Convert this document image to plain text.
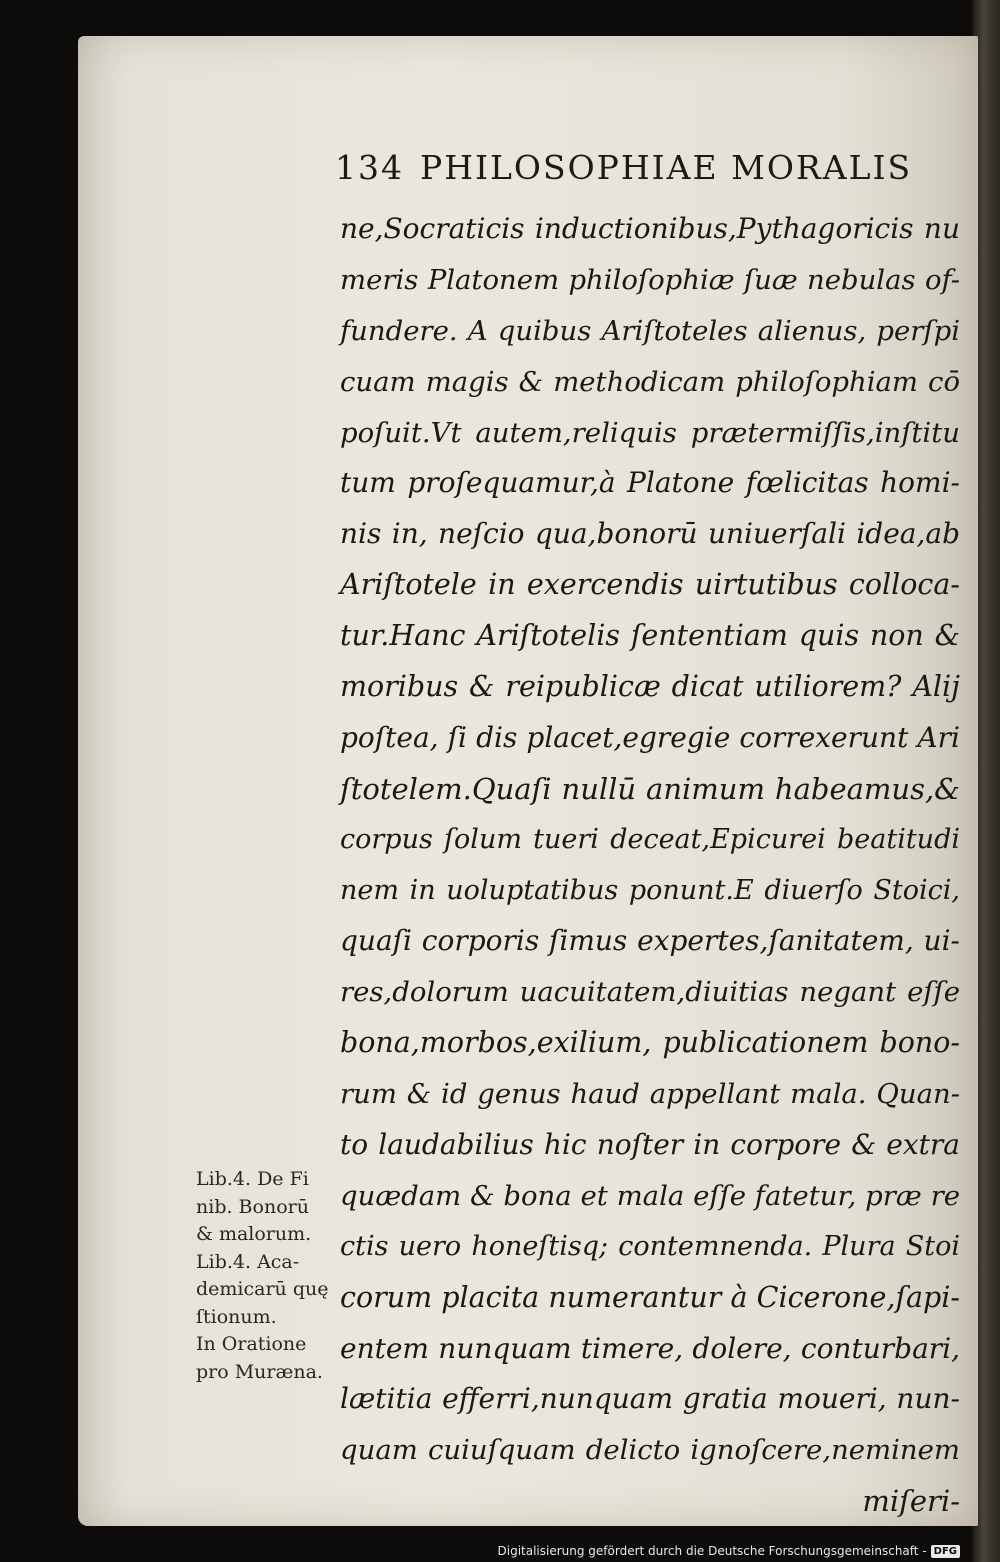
134 PHILOSOPHIAE MORALIS
ne,Socraticis inductionibus,Pythagoricis nu
meris Platonem philoſophiæ ſuæ nebulas of-
fundere. A quibus Ariſtoteles alienus, perſpi
cuam magis & methodicam philoſophiam cō
poſuit.Vt autem,reliquis prætermiſſis,inſtitu
tum proſequamur,à Platone fœlicitas homi-
nis in, neſcio qua,bonorū uniuerſali idea,ab
Ariſtotele in exercendis uirtutibus colloca-
tur.Hanc Ariſtotelis ſententiam quis non &
moribus & reipublicæ dicat utiliorem? Alij
poſtea, ſi dis placet,egregie correxerunt Ari
ſtotelem.Quaſi nullū animum habeamus,&
corpus ſolum tueri deceat,Epicurei beatitudi
nem in uoluptatibus ponunt.E diuerſo Stoici,
quaſi corporis ſimus expertes,ſanitatem, ui-
res,dolorum uacuitatem,diuitias negant eſſe
bona,morbos,exilium, publicationem bono-
rum & id genus haud appellant mala. Quan-
to laudabilius hic noſter in corpore & extra
quædam & bona et mala eſſe fatetur, præ re
ctis uero honeſtisq; contemnenda. Plura Stoi
corum placita numerantur à Cicerone,ſapi-
entem nunquam timere, dolere, conturbari,
lætitia efferri,nunquam gratia moueri, nun-
quam cuiuſquam delicto ignoſcere,neminem
miſeri-
Lib.4. De Fi
nib. Bonorū
& malorum.
Lib.4. Aca-
demicarū quę
ſtionum.
In Oratione
pro Muræna.
Digitalisierung gefördert durch die Deutsche Forschungsgemeinschaft - DFG
